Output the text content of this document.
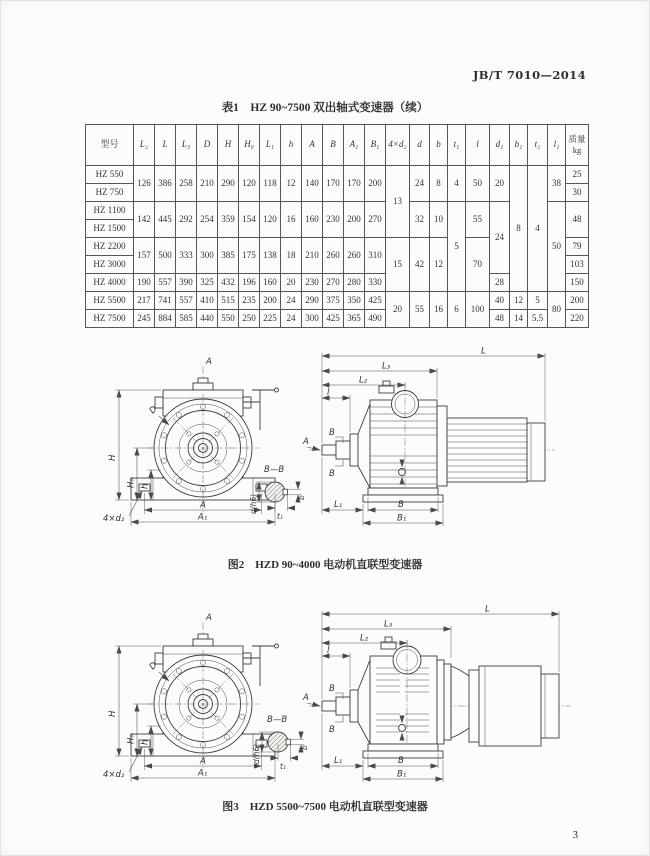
JB/T 7010—2014
表1　HZ 90~7500 双出轴式变速器（续）
型号	L₂	L	L₃	D	H	H₀	L₁	h	A	B	A₁	B₁	4×d₂	d	b	t₁	l	d₁	b₁	t₂	l₁	质量
kg

HZ 550	126	386	258	210	290	120	118	12	140	170	170	200	13	24	8	4	50	20	8	4	38	25
HZ 750																						30
HZ 1100	142	445	292	254	359	154	120	16	160	230	200	270		32	10	5	55	24			50	48
HZ 1500																						
HZ 2200	157	500	333	300	385	175	138	18	210	260	260	310	15	42	12		70					79
HZ 3000																						103
HZ 4000	190	557	390	325	432	196	160	20	230	270	280	330						28				150
HZ 5500	217	741	557	410	515	235	200	24	290	375	350	425	20	55	16	6	100	40	12	5	80	200
HZ 7500	245	884	585	440	550	250	225	24	300	425	365	490						48	14	5.5		220
L
L₃
L₂
l
A
B
B
L₁	B
B₁
图2　HZD 90~4000 电动机直联型变速器
L
L₃
L₂
l
A
B
B
L₁	B
B₁
图3　HZD 5500~7500 电动机直联型变速器
3
